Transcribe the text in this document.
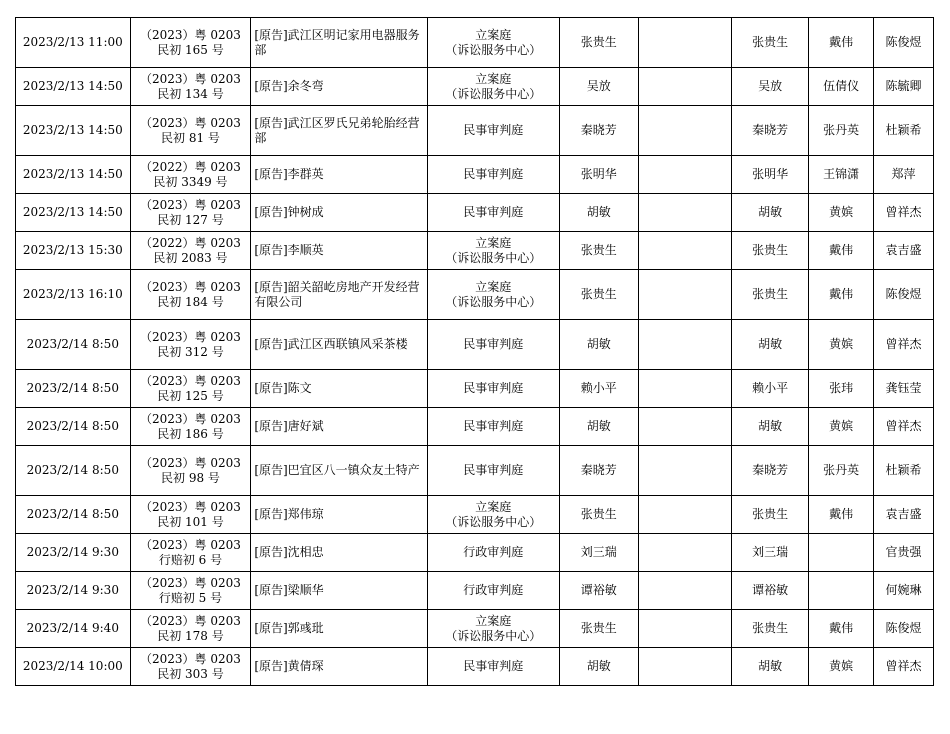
2023/2/13 11:00	（2023）粤 0203
民初 165 号	[原告]武江区明记家用电器服务部	立案庭
（诉讼服务中心）	张贵生		张贵生	戴伟	陈俊煜

2023/2/13 14:50	（2023）粤 0203
民初 134 号	[原告]余冬弯	立案庭
（诉讼服务中心）	吴放		吴放	伍倩仪	陈毓卿

2023/2/13 14:50	（2023）粤 0203
民初 81 号	[原告]武江区罗氏兄弟轮胎经营部	民事审判庭	秦晓芳		秦晓芳	张丹英	杜颖希

2023/2/13 14:50	（2022）粤 0203
民初 3349 号	[原告]李群英	民事审判庭	张明华		张明华	王锦潇	郑萍

2023/2/13 14:50	（2023）粤 0203
民初 127 号	[原告]钟树成	民事审判庭	胡敏		胡敏	黄嫔	曾祥杰

2023/2/13 15:30	（2022）粤 0203
民初 2083 号	[原告]李顺英	立案庭
（诉讼服务中心）	张贵生		张贵生	戴伟	袁吉盛

2023/2/13 16:10	（2023）粤 0203
民初 184 号	[原告]韶关韶屹房地产开发经营有限公司	立案庭
（诉讼服务中心）	张贵生		张贵生	戴伟	陈俊煜

2023/2/14 8:50	（2023）粤 0203
民初 312 号	[原告]武江区西联镇风采茶楼	民事审判庭	胡敏		胡敏	黄嫔	曾祥杰

2023/2/14 8:50	（2023）粤 0203
民初 125 号	[原告]陈文	民事审判庭	赖小平		赖小平	张玮	龚钰莹

2023/2/14 8:50	（2023）粤 0203
民初 186 号	[原告]唐好斌	民事审判庭	胡敏		胡敏	黄嫔	曾祥杰

2023/2/14 8:50	（2023）粤 0203
民初 98 号	[原告]巴宜区八一镇众友土特产	民事审判庭	秦晓芳		秦晓芳	张丹英	杜颖希

2023/2/14 8:50	（2023）粤 0203
民初 101 号	[原告]郑伟琼	立案庭
（诉讼服务中心）	张贵生		张贵生	戴伟	袁吉盛

2023/2/14 9:30	（2023）粤 0203
行赔初 6 号	[原告]沈相忠	行政审判庭	刘三瑞		刘三瑞		官贵强

2023/2/14 9:30	（2023）粤 0203
行赔初 5 号	[原告]梁顺华	行政审判庭	谭裕敏		谭裕敏		何婉琳

2023/2/14 9:40	（2023）粤 0203
民初 178 号	[原告]郭彧玭	立案庭
（诉讼服务中心）	张贵生		张贵生	戴伟	陈俊煜

2023/2/14 10:00	（2023）粤 0203
民初 303 号	[原告]黄倩琛	民事审判庭	胡敏		胡敏	黄嫔	曾祥杰
